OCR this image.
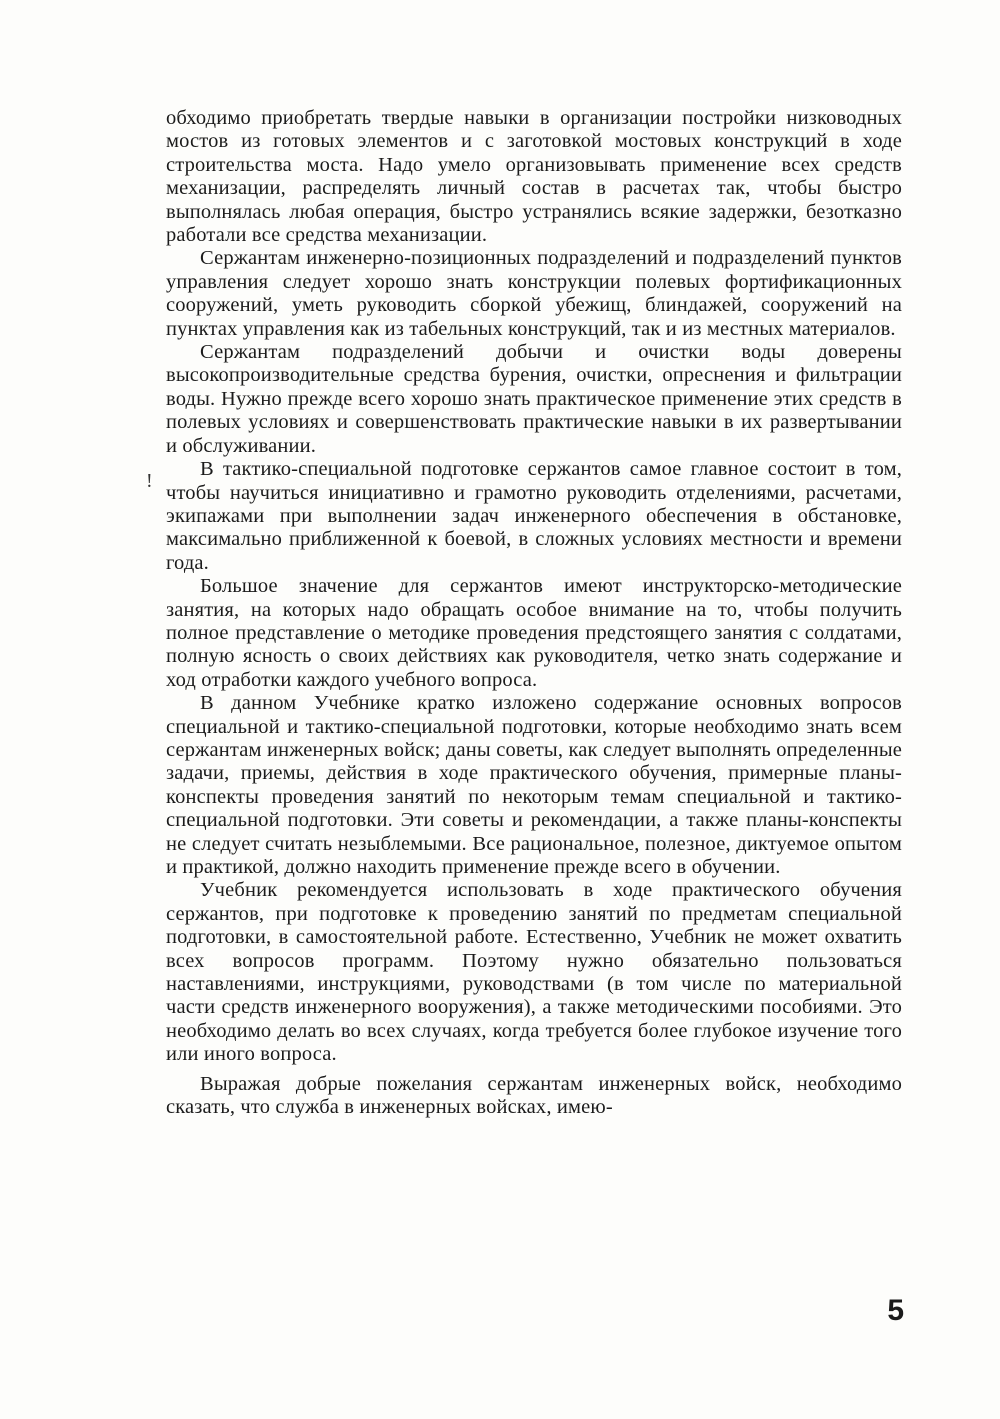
обходимо приобретать твердые навыки в организации постройки низководных мостов из готовых элементов и с заготовкой мостовых конструкций в ходе строительства моста. Надо умело организовывать применение всех средств механизации, распределять личный состав в расчетах так, чтобы быстро выполнялась любая операция, быстро устранялись всякие задержки, безотказно работали все средства механизации.

Сержантам инженерно-позиционных подразделений и подразделений пунктов управления следует хорошо знать конструкции полевых фортификационных сооружений, уметь руководить сборкой убежищ, блиндажей, сооружений на пунктах управления как из табельных конструкций, так и из местных материалов.

Сержантам подразделений добычи и очистки воды доверены высокопроизводительные средства бурения, очистки, опреснения и фильтрации воды. Нужно прежде всего хорошо знать практическое применение этих средств в полевых условиях и совершенствовать практические навыки в их развертывании и обслуживании.

В тактико-специальной подготовке сержантов самое главное состоит в том, чтобы научиться инициативно и грамотно руководить отделениями, расчетами, экипажами при выполнении задач инженерного обеспечения в обстановке, максимально приближенной к боевой, в сложных условиях местности и времени года.

Большое значение для сержантов имеют инструкторско-методические занятия, на которых надо обращать особое внимание на то, чтобы получить полное представление о методике проведения предстоящего занятия с солдатами, полную ясность о своих действиях как руководителя, четко знать содержание и ход отработки каждого учебного вопроса.

В данном Учебнике кратко изложено содержание основных вопросов специальной и тактико-специальной подготовки, которые необходимо знать всем сержантам инженерных войск; даны советы, как следует выполнять определенные задачи, приемы, действия в ходе практического обучения, примерные планы-конспекты проведения занятий по некоторым темам специальной и тактико-специальной подготовки. Эти советы и рекомендации, а также планы-конспекты не следует считать незыблемыми. Все рациональное, полезное, диктуемое опытом и практикой, должно находить применение прежде всего в обучении.

Учебник рекомендуется использовать в ходе практического обучения сержантов, при подготовке к проведению занятий по предметам специальной подготовки, в самостоятельной работе. Естественно, Учебник не может охватить всех вопросов программ. Поэтому нужно обязательно пользоваться наставлениями, инструкциями, руководствами (в том числе по материальной части средств инженерного вооружения), а также методическими пособиями. Это необходимо делать во всех случаях, когда требуется более глубокое изучение того или иного вопроса.

Выражая добрые пожелания сержантам инженерных войск, необходимо сказать, что служба в инженерных войсках, имею-

!
5
